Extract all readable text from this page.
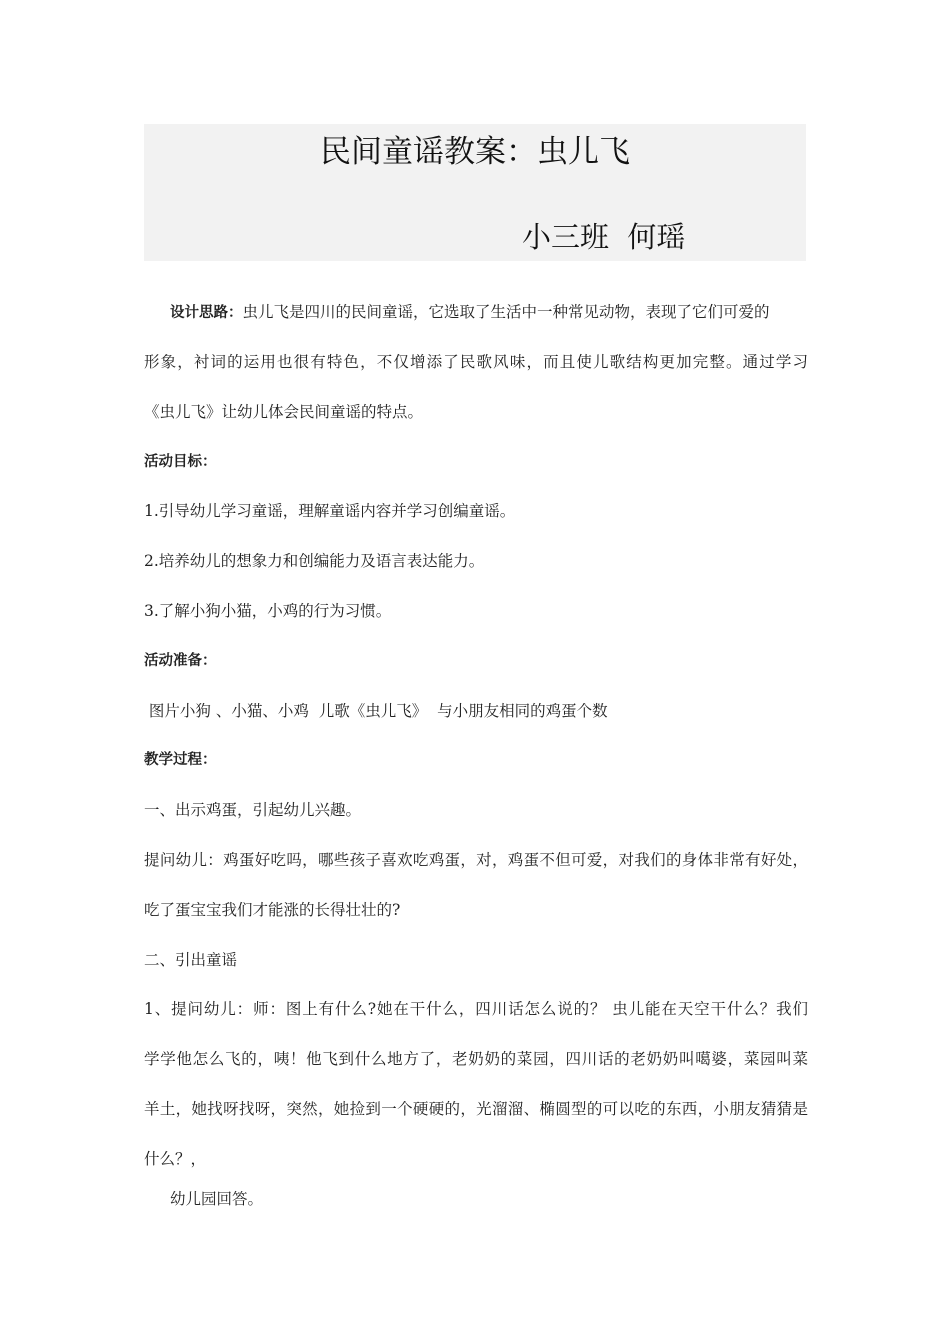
民间童谣教案：虫儿飞
小三班  何瑶
设计思路：虫儿飞是四川的民间童谣，它选取了生活中一种常见动物，表现了它们可爱的
形象，衬词的运用也很有特色，不仅增添了民歌风味，而且使儿歌结构更加完整。通过学习
《虫儿飞》让幼儿体会民间童谣的特点。
活动目标：
1.引导幼儿学习童谣，理解童谣内容并学习创编童谣。
2.培养幼儿的想象力和创编能力及语言表达能力。
3.了解小狗小猫，小鸡的行为习惯。
活动准备：
图片小狗 、小猫、小鸡  儿歌《虫儿飞》  与小朋友相同的鸡蛋个数
教学过程：
一、出示鸡蛋，引起幼儿兴趣。
提问幼儿：鸡蛋好吃吗，哪些孩子喜欢吃鸡蛋，对，鸡蛋不但可爱，对我们的身体非常有好处，
吃了蛋宝宝我们才能涨的长得壮壮的?
二、引出童谣
1、提问幼儿：师：图上有什么?她在干什么，四川话怎么说的？ 虫儿能在天空干什么？我们
学学他怎么飞的，咦！他飞到什么地方了，老奶奶的菜园，四川话的老奶奶叫噶婆，菜园叫菜
羊土，她找呀找呀，突然，她捡到一个硬硬的，光溜溜、椭圆型的可以吃的东西，小朋友猜猜是
什么？，
幼儿园回答。
